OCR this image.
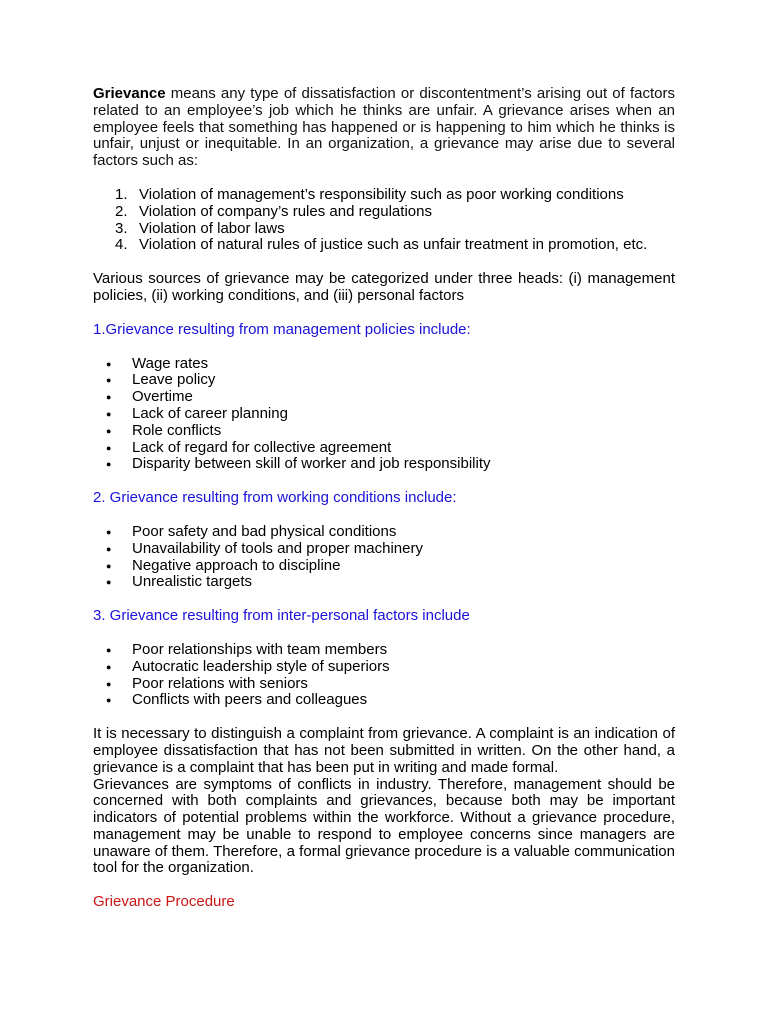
Grievance means any type of dissatisfaction or discontentment’s arising out of factors related to an employee’s job which he thinks are unfair. A grievance arises when an employee feels that something has happened or is happening to him which he thinks is unfair, unjust or inequitable. In an organization, a grievance may arise due to several factors such as:

1. Violation of management’s responsibility such as poor working conditions
2. Violation of company’s rules and regulations
3. Violation of labor laws
4. Violation of natural rules of justice such as unfair treatment in promotion, etc.

Various sources of grievance may be categorized under three heads: (i) management policies, (ii) working conditions, and (iii) personal factors

1.Grievance resulting from management policies include:

● Wage rates
● Leave policy
● Overtime
● Lack of career planning
● Role conflicts
● Lack of regard for collective agreement
● Disparity between skill of worker and job responsibility

2. Grievance resulting from working conditions include:

● Poor safety and bad physical conditions
● Unavailability of tools and proper machinery
● Negative approach to discipline
● Unrealistic targets

3. Grievance resulting from inter-personal factors include

● Poor relationships with team members
● Autocratic leadership style of superiors
● Poor relations with seniors
● Conflicts with peers and colleagues

It is necessary to distinguish a complaint from grievance. A complaint is an indication of employee dissatisfaction that has not been submitted in written. On the other hand, a grievance is a complaint that has been put in writing and made formal.

Grievances are symptoms of conflicts in industry. Therefore, management should be concerned with both complaints and grievances, because both may be important indicators of potential problems within the workforce. Without a grievance procedure, management may be unable to respond to employee concerns since managers are unaware of them. Therefore, a formal grievance procedure is a valuable communication tool for the organization.

Grievance Procedure
